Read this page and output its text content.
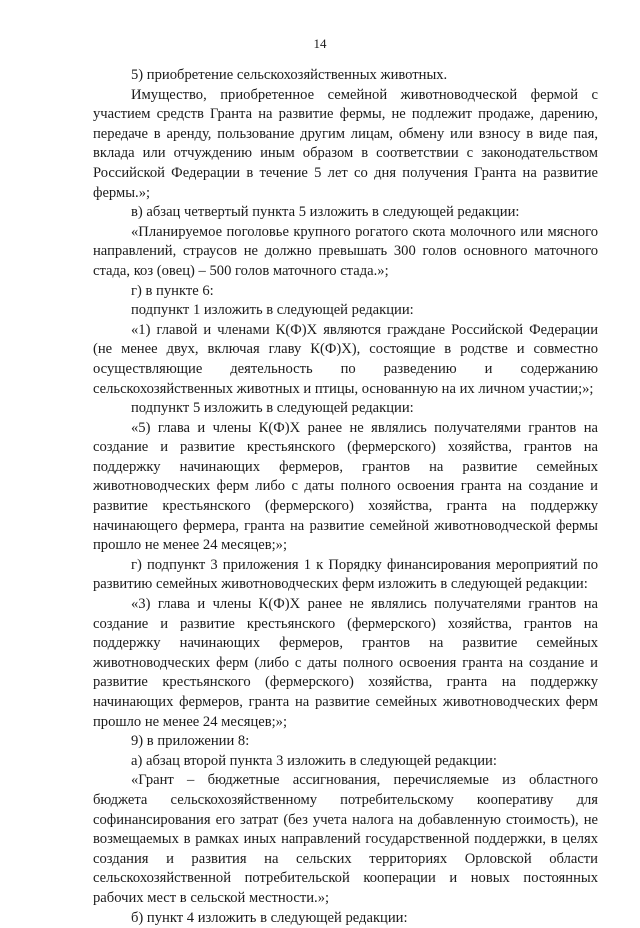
14

5) приобретение сельскохозяйственных животных.

Имущество, приобретенное семейной животноводческой фермой с участием средств Гранта на развитие фермы, не подлежит продаже, дарению, передаче в аренду, пользование другим лицам, обмену или взносу в виде пая, вклада или отчуждению иным образом в соответствии с законодательством Российской Федерации в течение 5 лет со дня получения Гранта на развитие фермы.»;

в) абзац четвертый пункта 5 изложить в следующей редакции:

«Планируемое поголовье крупного рогатого скота молочного или мясного направлений, страусов не должно превышать 300 голов основного маточного стада, коз (овец) – 500 голов маточного стада.»;

г) в пункте 6:

подпункт 1 изложить в следующей редакции:

«1) главой и членами К(Ф)Х являются граждане Российской Федерации (не менее двух, включая главу К(Ф)Х), состоящие в родстве и совместно осуществляющие деятельность по разведению и содержанию сельскохозяйственных животных и птицы, основанную на их личном участии;»;

подпункт 5 изложить в следующей редакции:

«5) глава и члены К(Ф)Х ранее не являлись получателями грантов на создание и развитие крестьянского (фермерского) хозяйства, грантов на поддержку начинающих фермеров, грантов на развитие семейных животноводческих ферм либо с даты полного освоения гранта на создание и развитие крестьянского (фермерского) хозяйства, гранта на поддержку начинающего фермера, гранта на развитие семейной животноводческой фермы прошло не менее 24 месяцев;»;

г) подпункт 3 приложения 1 к Порядку финансирования мероприятий по развитию семейных животноводческих ферм изложить в следующей редакции:

«3) глава и члены К(Ф)Х ранее не являлись получателями грантов на создание и развитие крестьянского (фермерского) хозяйства, грантов на поддержку начинающих фермеров, грантов на развитие семейных животноводческих ферм (либо с даты полного освоения гранта на создание и развитие крестьянского (фермерского) хозяйства, гранта на поддержку начинающих фермеров, гранта на развитие семейных животноводческих ферм прошло не менее 24 месяцев;»;

9) в приложении 8:

а) абзац второй пункта 3 изложить в следующей редакции:

«Грант – бюджетные ассигнования, перечисляемые из областного бюджета сельскохозяйственному потребительскому кооперативу для софинансирования его затрат (без учета налога на добавленную стоимость), не возмещаемых в рамках иных направлений государственной поддержки, в целях создания и развития на сельских территориях Орловской области сельскохозяйственной потребительской кооперации и новых постоянных рабочих мест в сельской местности.»;

б) пункт 4 изложить в следующей редакции:
